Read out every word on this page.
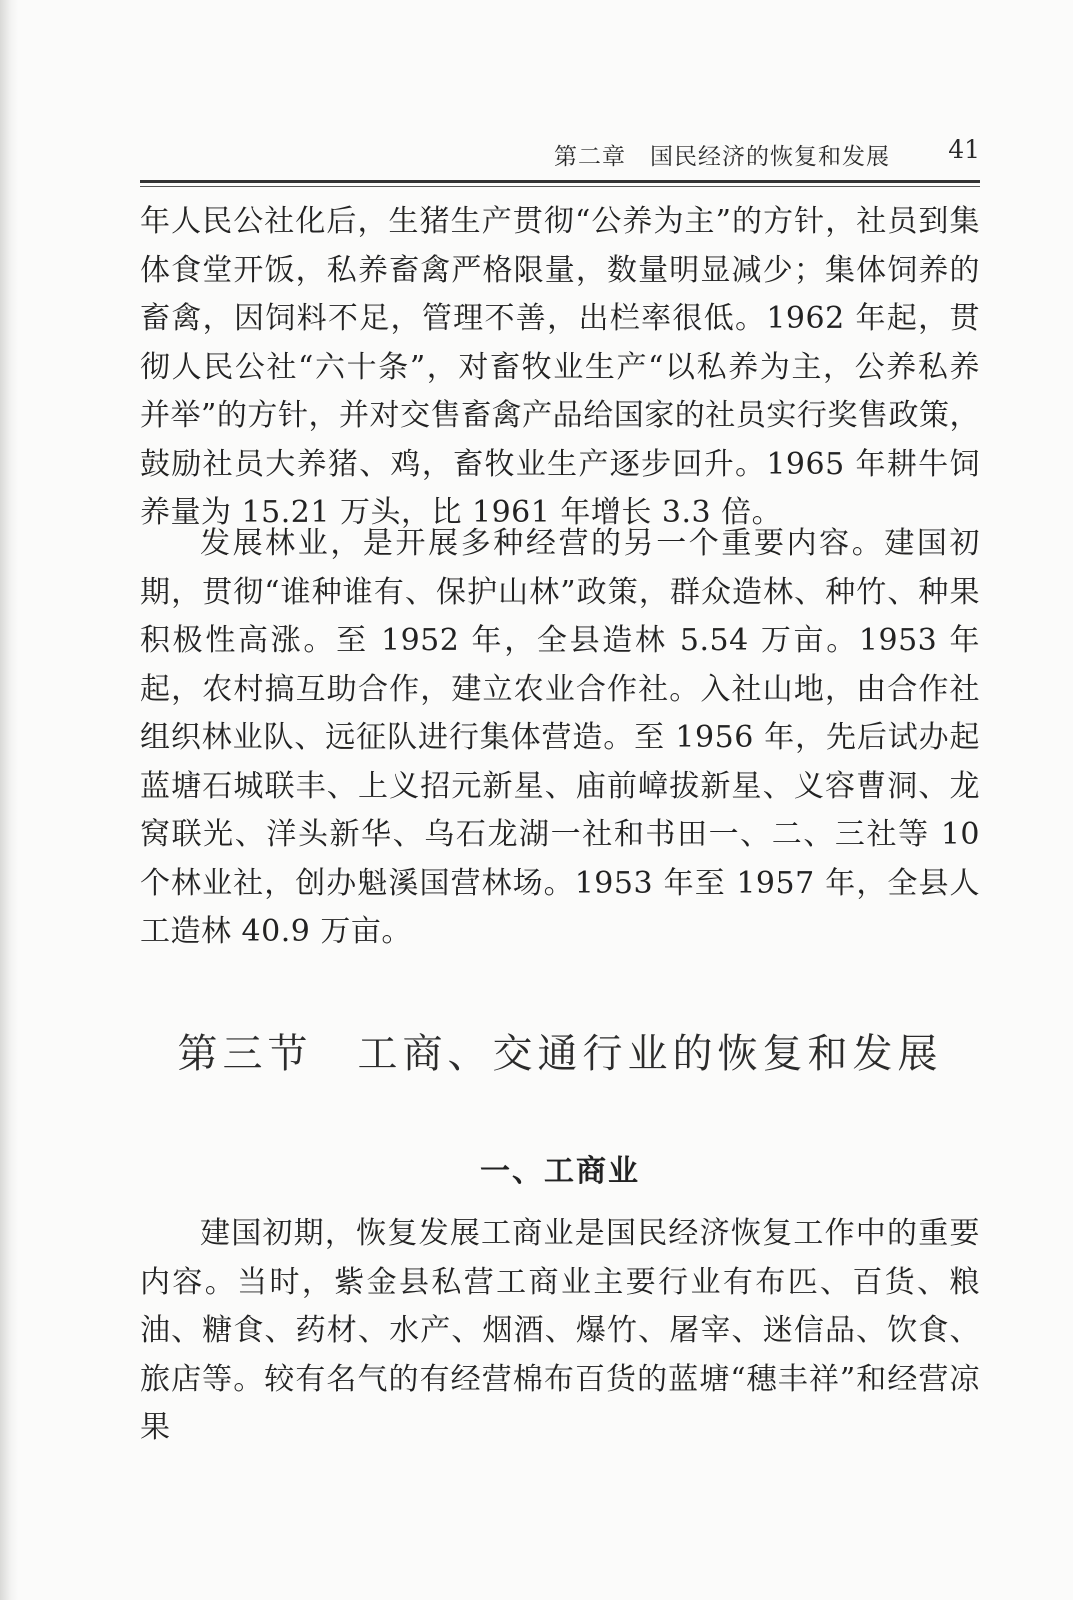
第二章　国民经济的恢复和发展 41

年人民公社化后，生猪生产贯彻“公养为主”的方针，社员到集体食堂开饭，私养畜禽严格限量，数量明显减少；集体饲养的畜禽，因饲料不足，管理不善，出栏率很低。1962 年起，贯彻人民公社“六十条”，对畜牧业生产“以私养为主，公养私养并举”的方针，并对交售畜禽产品给国家的社员实行奖售政策，鼓励社员大养猪、鸡，畜牧业生产逐步回升。1965 年耕牛饲养量为 15.21 万头，比 1961 年增长 3.3 倍。

发展林业，是开展多种经营的另一个重要内容。建国初期，贯彻“谁种谁有、保护山林”政策，群众造林、种竹、种果积极性高涨。至 1952 年，全县造林 5.54 万亩。1953 年起，农村搞互助合作，建立农业合作社。入社山地，由合作社组织林业队、远征队进行集体营造。至 1956 年，先后试办起蓝塘石城联丰、上义招元新星、庙前嶂拔新星、义容曹洞、龙窝联光、洋头新华、乌石龙湖一社和书田一、二、三社等 10 个林业社，创办魁溪国营林场。1953 年至 1957 年，全县人工造林 40.9 万亩。

第三节　工商、交通行业的恢复和发展
一、工商业

建国初期，恢复发展工商业是国民经济恢复工作中的重要内容。当时，紫金县私营工商业主要行业有布匹、百货、粮油、糖食、药材、水产、烟酒、爆竹、屠宰、迷信品、饮食、旅店等。较有名气的有经营棉布百货的蓝塘“穗丰祥”和经营凉果
